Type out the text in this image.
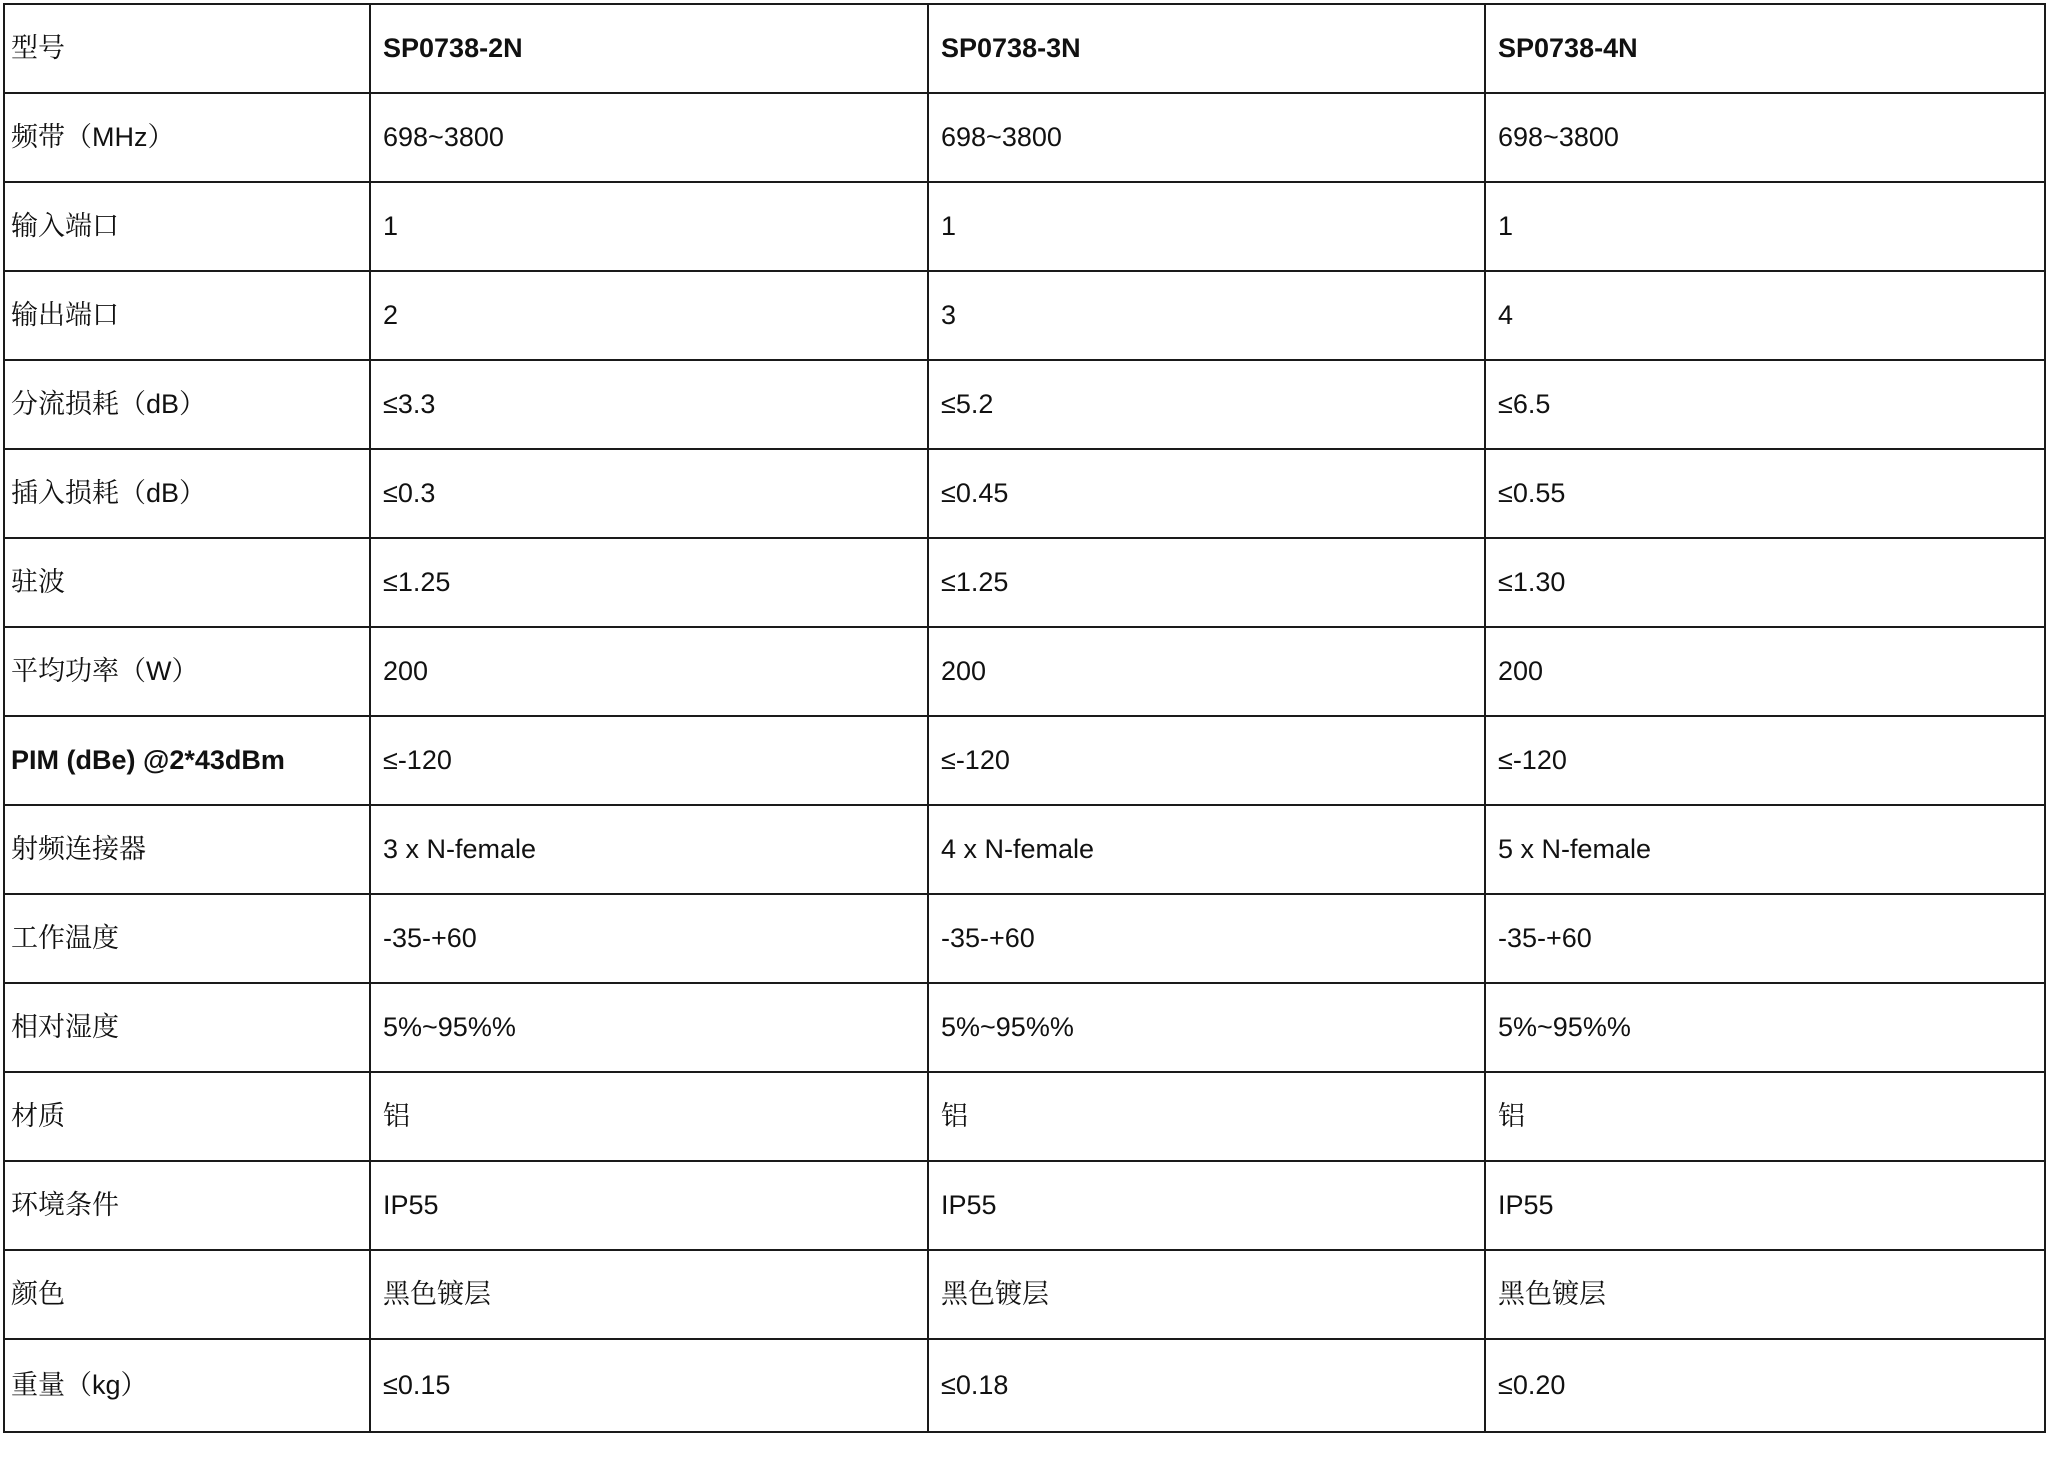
型号	SP0738-2N	SP0738-3N	SP0738-4N
频带（MHz）	698~3800	698~3800	698~3800
输入端口	1	1	1
输出端口	2	3	4
分流损耗（dB）	≤3.3	≤5.2	≤6.5
插入损耗（dB）	≤0.3	≤0.45	≤0.55
驻波	≤1.25	≤1.25	≤1.30
平均功率（W）	200	200	200
PIM (dBe) @2*43dBm	≤-120	≤-120	≤-120
射频连接器	3 x N-female	4 x N-female	5 x N-female
工作温度	-35-+60	-35-+60	-35-+60
相对湿度	5%~95%%	5%~95%%	5%~95%%
材质	铝	铝	铝
环境条件	IP55	IP55	IP55
颜色	黑色镀层	黑色镀层	黑色镀层
重量（kg）	≤0.15	≤0.18	≤0.20
